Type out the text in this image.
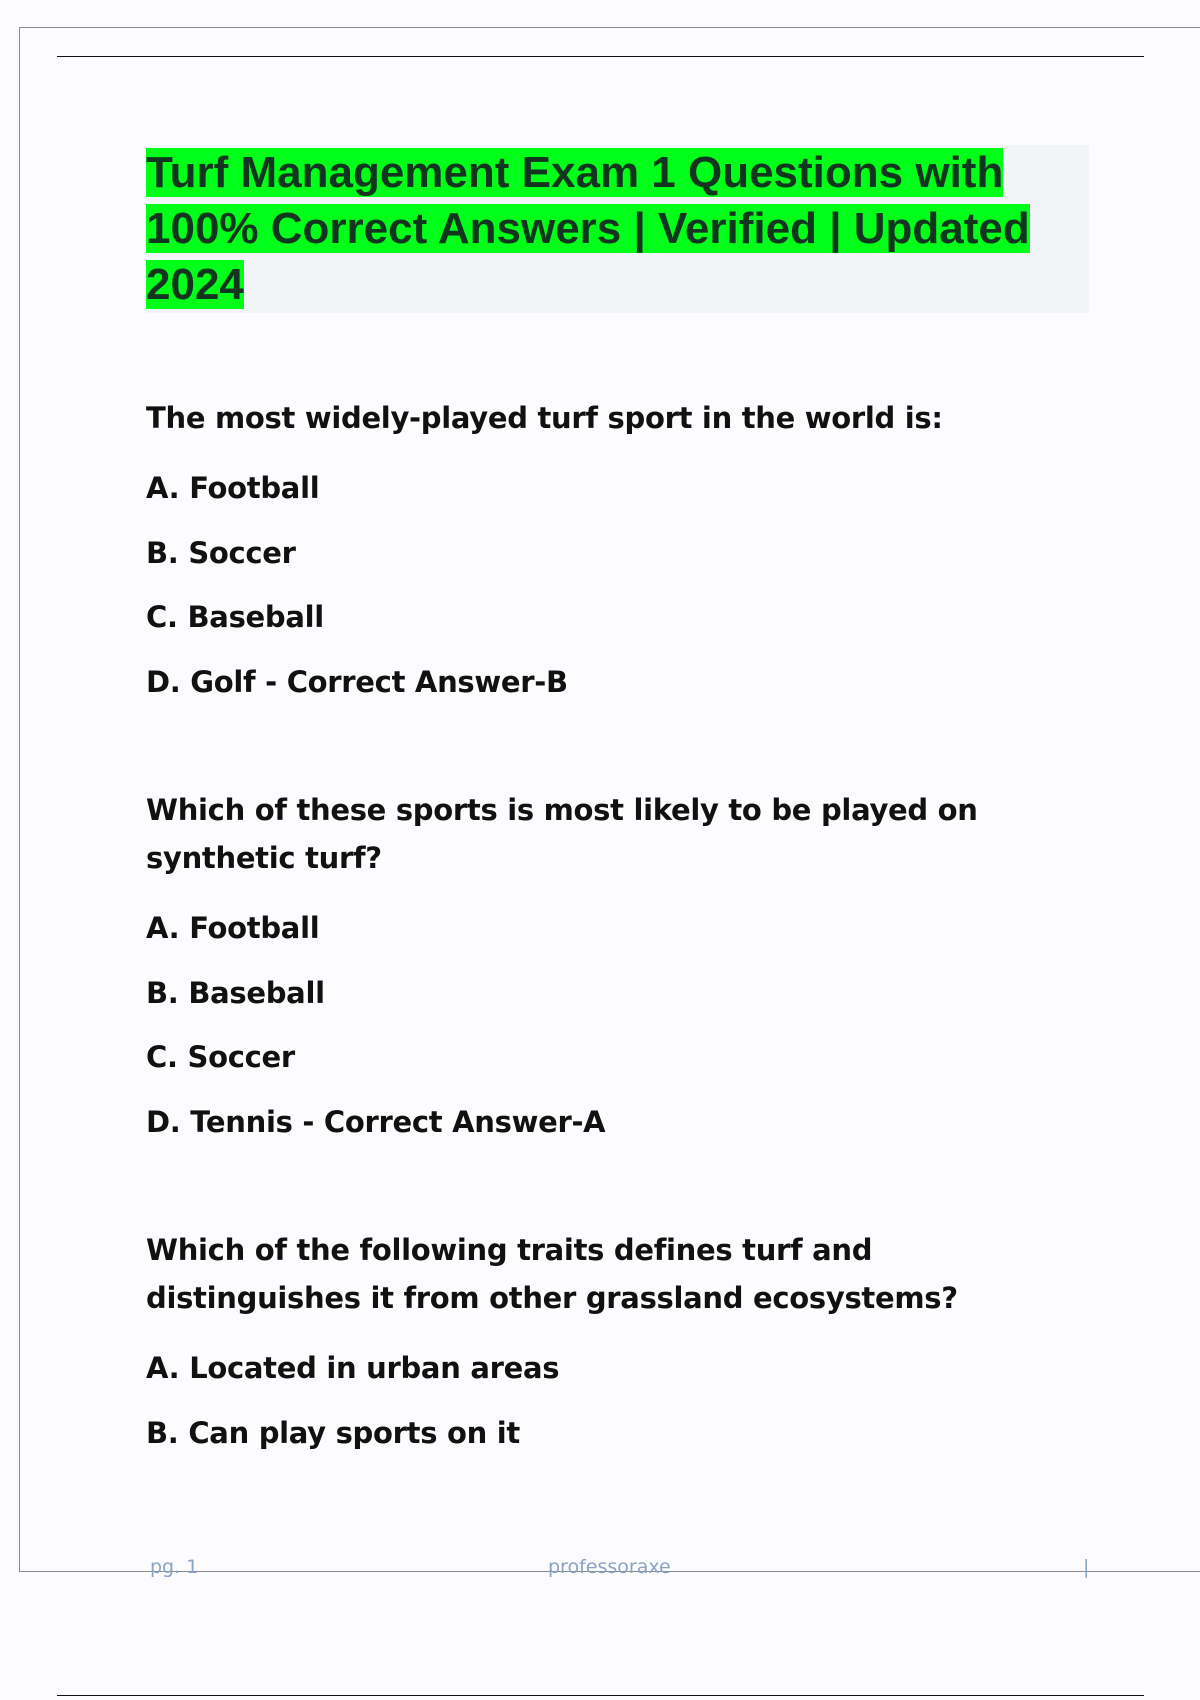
Turf Management Exam 1 Questions with 100% Correct Answers | Verified | Updated 2024

The most widely-played turf sport in the world is:

A. Football

B. Soccer

C. Baseball

D. Golf - Correct Answer-B

Which of these sports is most likely to be played on synthetic turf?

A. Football

B. Baseball

C. Soccer

D. Tennis - Correct Answer-A

Which of the following traits defines turf and distinguishes it from other grassland ecosystems?

A. Located in urban areas

B. Can play sports on it

pg. 1	professoraxe	|
